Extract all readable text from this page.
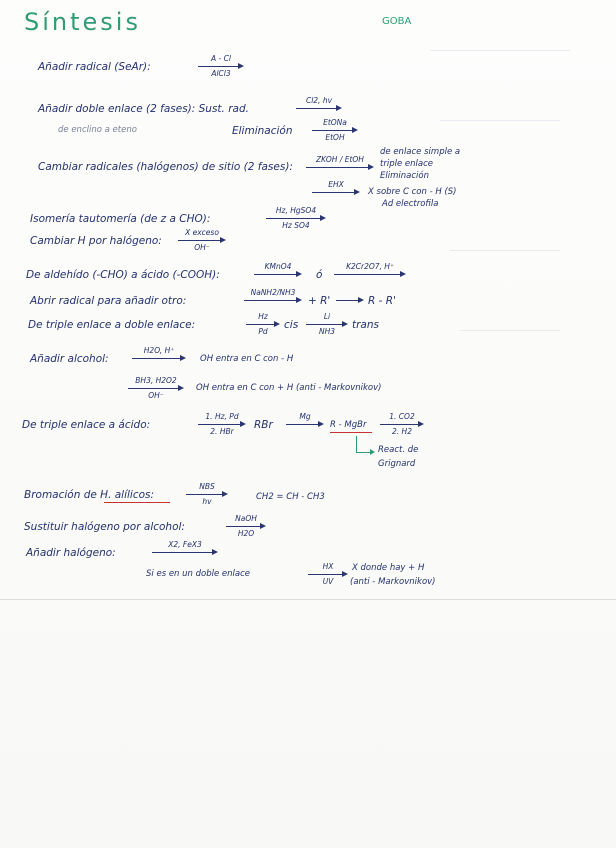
Síntesis	GOBA
Añadir radical (SeAr):
A - Cl
AlCl3
Añadir doble enlace (2 fases): Sust. rad.
de enclino a eteno
Cl2, hv
Eliminación
EtONa
EtOH
Cambiar radicales (halógenos) de sitio (2 fases):
ZKOH / EtOH
de enlace simple a
triple enlace
Eliminación
EHX
X sobre C con - H (S)
Ad electrofila
Isomería tautomería (de z a CHO):
Hz, HgSO4
Hz SO4
Cambiar H por halógeno:
X exceso
OH⁻
De aldehído (-CHO) a ácido (-COOH):
KMnO4
ó
K2Cr2O7, H⁺
Abrir radical para añadir otro:
NaNH2/NH3
+ R'	R - R'
De triple enlace a doble enlace:
Hz
Pd
cis
Li
NH3
trans
Añadir alcohol:
H2O, H⁺
OH entra en C con - H
BH3, H2O2
OH⁻
OH entra en C con + H (anti - Markovnikov)
De triple enlace a ácido:
1. Hz, Pd
2. HBr
RBr
Mg
R - MgBr
1. CO2
2. H2
React. de
Grignard
Bromación de H. alílicos:
NBS
hv	CH2 = CH - CH3
Sustituir halógeno por alcohol:
NaOH
H2O
Añadir halógeno:
X2, FeX3
Si es en un doble enlace
HX
UV
X donde hay + H
(anti - Markovnikov)
